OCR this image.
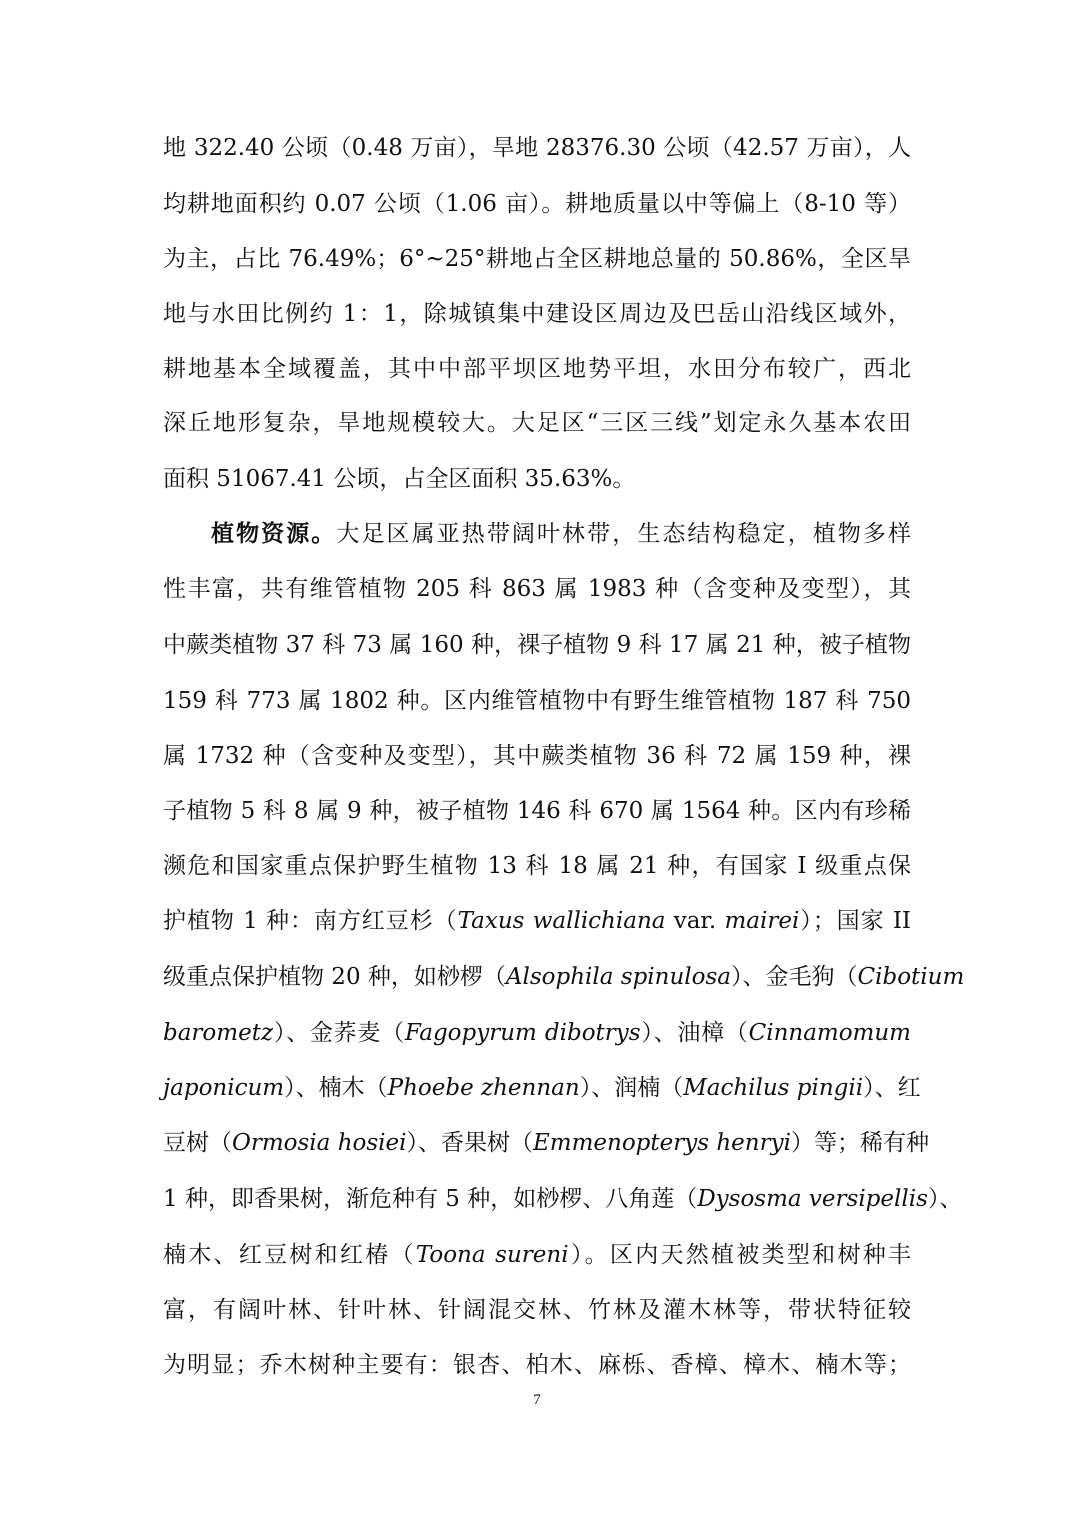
地 322.40 公顷（0.48 万亩），旱地 28376.30 公顷（42.57 万亩），人
均耕地面积约 0.07 公顷（1.06 亩）。耕地质量以中等偏上（8-10 等）
为主，占比 76.49%；6°~25°耕地占全区耕地总量的 50.86%，全区旱
地与水田比例约 1：1，除城镇集中建设区周边及巴岳山沿线区域外，
耕地基本全域覆盖，其中中部平坝区地势平坦，水田分布较广，西北
深丘地形复杂，旱地规模较大。大足区“三区三线”划定永久基本农田
面积 51067.41 公顷，占全区面积 35.63%。
植物资源。大足区属亚热带阔叶林带，生态结构稳定，植物多样
性丰富，共有维管植物 205 科 863 属 1983 种（含变种及变型），其
中蕨类植物 37 科 73 属 160 种，裸子植物 9 科 17 属 21 种，被子植物
159 科 773 属 1802 种。区内维管植物中有野生维管植物 187 科 750
属 1732 种（含变种及变型），其中蕨类植物 36 科 72 属 159 种，裸
子植物 5 科 8 属 9 种，被子植物 146 科 670 属 1564 种。区内有珍稀
濒危和国家重点保护野生植物 13 科 18 属 21 种，有国家 I 级重点保
护植物 1 种：南方红豆杉（Taxus wallichiana var. mairei）；国家 II
级重点保护植物 20 种，如桫椤（Alsophila spinulosa）、金毛狗（Cibotium
barometz）、金荞麦（Fagopyrum dibotrys）、油樟（Cinnamomum
japonicum）、楠木（Phoebe zhennan）、润楠（Machilus pingii）、红
豆树（Ormosia hosiei）、香果树（Emmenopterys henryi）等；稀有种
1 种，即香果树，渐危种有 5 种，如桫椤、八角莲（Dysosma versipellis）、
楠木、红豆树和红椿（Toona sureni）。区内天然植被类型和树种丰
富，有阔叶林、针叶林、针阔混交林、竹林及灌木林等，带状特征较
为明显；乔木树种主要有：银杏、柏木、麻栎、香樟、樟木、楠木等；
7
